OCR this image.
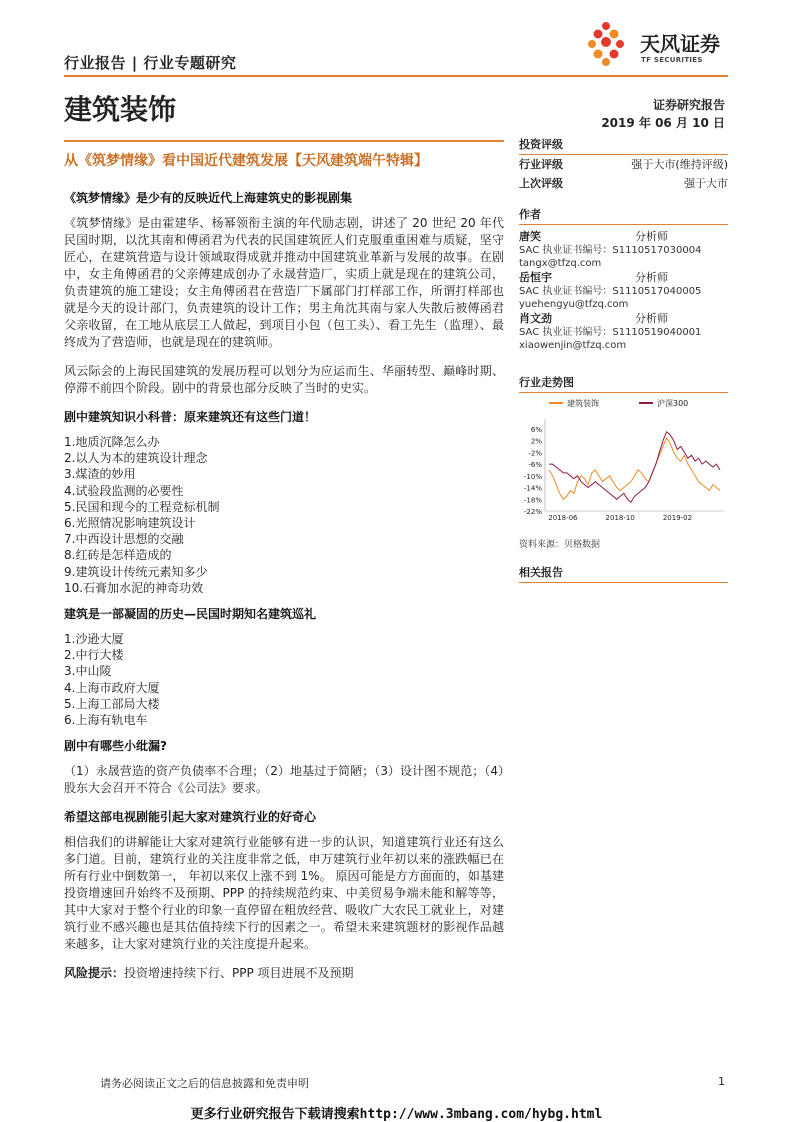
行业报告 | 行业专题研究
天风证券
TF SECURITIES
建筑装饰	证券研究报告
2019 年 06 月 10 日
从《筑梦情缘》看中国近代建筑发展【天风建筑端午特辑】
《筑梦情缘》是少有的反映近代上海建筑史的影视剧集

《筑梦情缘》是由霍建华、杨幂领衔主演的年代励志剧，讲述了 20 世纪 20 年代民国时期，以沈其南和傅函君为代表的民国建筑匠人们克服重重困难与质疑，坚守匠心，在建筑营造与设计领域取得成就并推动中国建筑业革新与发展的故事。在剧中，女主角傅函君的父亲傅建成创办了永晟营造厂，实质上就是现在的建筑公司，负责建筑的施工建设；女主角傅函君在营造厂下属部门打样部工作，所谓打样部也就是今天的设计部门，负责建筑的设计工作；男主角沈其南与家人失散后被傅函君父亲收留，在工地从底层工人做起，到项目小包（包工头）、看工先生（监理）、最终成为了营造师，也就是现在的建筑师。

风云际会的上海民国建筑的发展历程可以划分为应运而生、华丽转型、巅峰时期、停滞不前四个阶段。剧中的背景也部分反映了当时的史实。

剧中建筑知识小科普：原来建筑还有这些门道！
1.地质沉降怎么办
2.以人为本的建筑设计理念
3.煤渣的妙用
4.试验段监测的必要性
5.民国和现今的工程竞标机制
6.光照情况影响建筑设计
7.中西设计思想的交融
8.红砖是怎样造成的
9.建筑设计传统元素知多少
10.石膏加水泥的神奇功效
建筑是一部凝固的历史—民国时期知名建筑巡礼
1.沙逊大厦
2.中行大楼
3.中山陵
4.上海市政府大厦
5.上海工部局大楼
6.上海有轨电车
剧中有哪些小纰漏?

（1）永晟营造的资产负债率不合理；（2）地基过于简陋；（3）设计图不规范；（4）股东大会召开不符合《公司法》要求。

希望这部电视剧能引起大家对建筑行业的好奇心

相信我们的讲解能让大家对建筑行业能够有进一步的认识，知道建筑行业还有这么多门道。目前，建筑行业的关注度非常之低，申万建筑行业年初以来的涨跌幅已在所有行业中倒数第一， 年初以来仅上涨不到 1%。 原因可能是方方面面的，如基建投资增速回升始终不及预期、PPP 的持续规范约束、中美贸易争端未能和解等等，其中大家对于整个行业的印象一直停留在粗放经营、吸收广大农民工就业上，对建筑行业不感兴趣也是其估值持续下行的因素之一。希望未来建筑题材的影视作品越来越多，让大家对建筑行业的关注度提升起来。

风险提示：投资增速持续下行、PPP 项目进展不及预期

投资评级
行业评级	强于大市(维持评级)
上次评级	强于大市
作者
唐笑	分析师
SAC 执业证书编号：S1110517030004
tangx@tfzq.com
岳恒宇	分析师
SAC 执业证书编号：S1110517040005
yuehengyu@tfzq.com
肖文劲	分析师
SAC 执业证书编号：S1110519040001
xiaowenjin@tfzq.com
行业走势图
建筑装饰	沪深300
6%
2%
-2%
-6%
-10%
-14%
-18%
-22%
2018-06	2018-10	2019-02
资料来源：贝格数据
相关报告
请务必阅读正文之后的信息披露和免责申明	1
更多行业研究报告下载请搜索http://www.3mbang.com/hybg.html
